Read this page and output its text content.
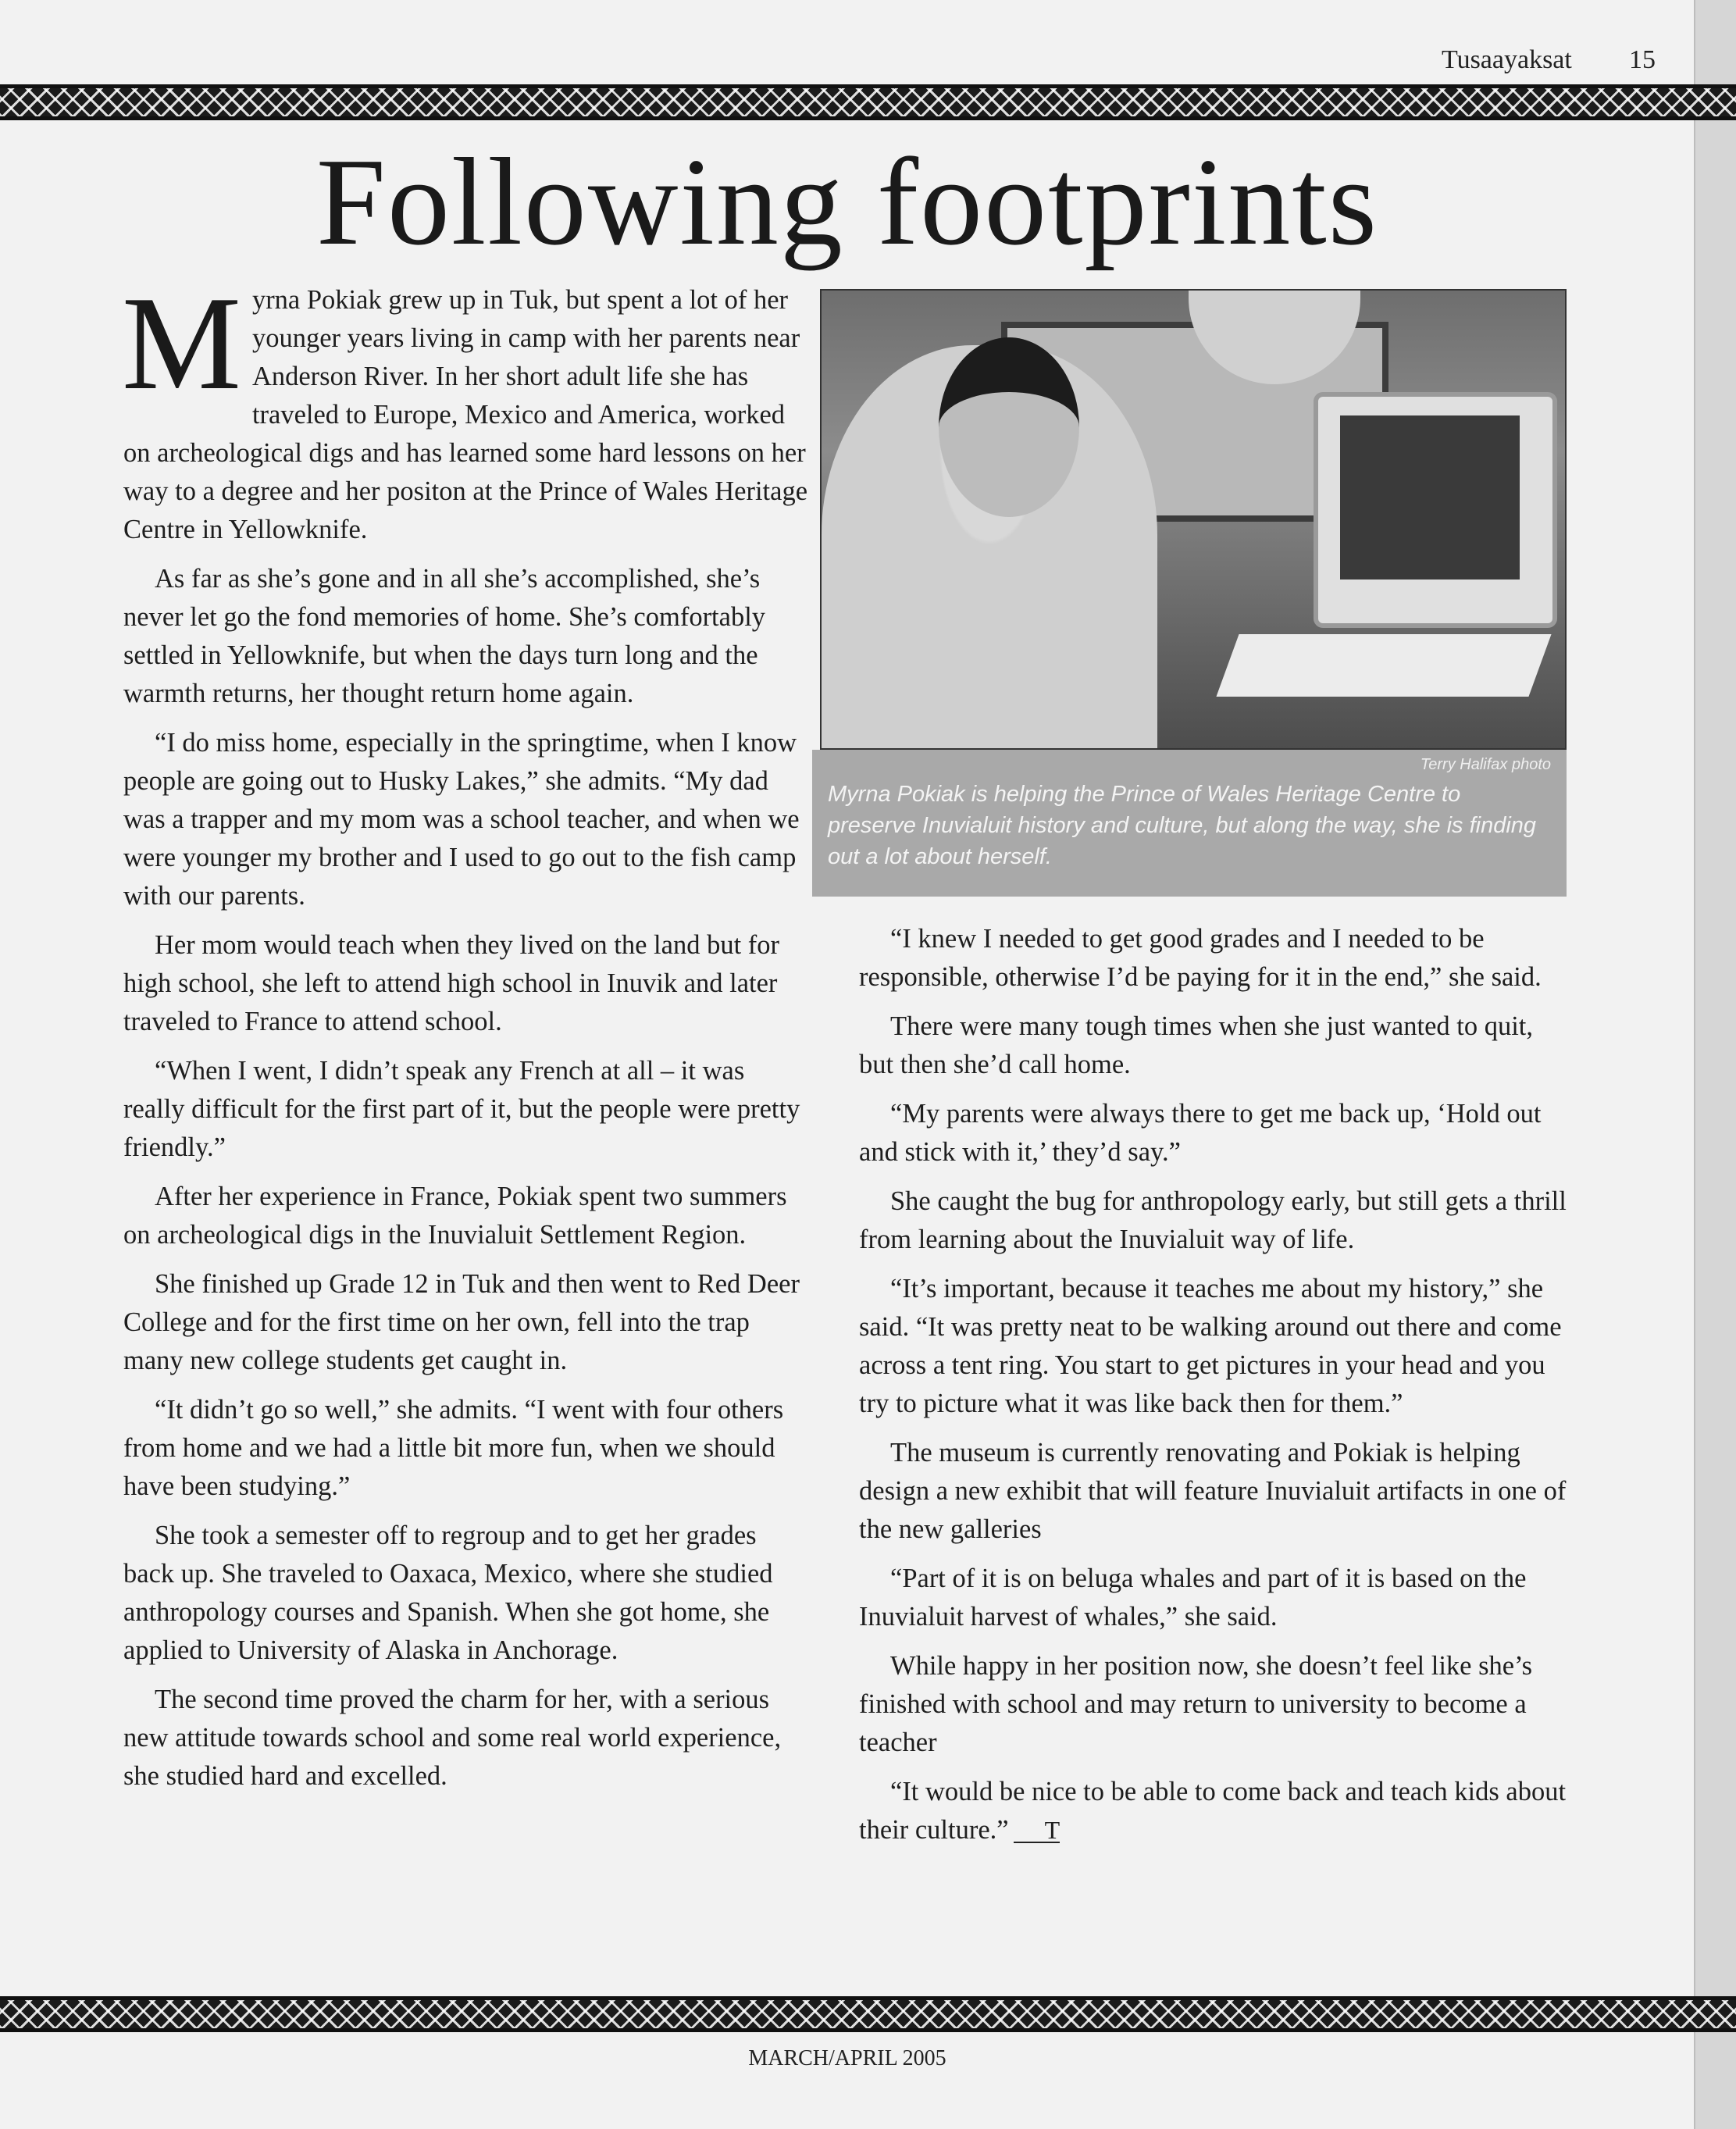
Tusaayaksat 15
Following footprints

Myrna Pokiak grew up in Tuk, but spent a lot of her younger years living in camp with her parents near Anderson River. In her short adult life she has traveled to Europe, Mexico and America, worked on archeological digs and has learned some hard lessons on her way to a degree and her positon at the Prince of Wales Heritage Centre in Yellowknife.

As far as she’s gone and in all she’s accomplished, she’s never let go the fond memories of home. She’s comfortably settled in Yellowknife, but when the days turn long and the warmth returns, her thought return home again.

“I do miss home, especially in the springtime, when I know people are going out to Husky Lakes,” she admits. “My dad was a trapper and my mom was a school teacher, and when we were younger my brother and I used to go out to the fish camp with our parents.

Her mom would teach when they lived on the land but for high school, she left to attend high school in Inuvik and later traveled to France to attend school.

“When I went, I didn’t speak any French at all – it was really difficult for the first part of it, but the people were pretty friendly.”

After her experience in France, Pokiak spent two summers on archeological digs in the Inuvialuit Settlement Region.

She finished up Grade 12 in Tuk and then went to Red Deer College and for the first time on her own, fell into the trap many new college students get caught in.

“It didn’t go so well,” she admits. “I went with four others from home and we had a little bit more fun, when we should have been studying.”

She took a semester off to regroup and to get her grades back up. She traveled to Oaxaca, Mexico, where she studied anthropology courses and Spanish. When she got home, she applied to University of Alaska in Anchorage.

The second time proved the charm for her, with a serious new attitude towards school and some real world experience, she studied hard and excelled.

Terry Halifax photo
Myrna Pokiak is helping the Prince of Wales Heritage Centre to preserve Inuvialuit history and culture, but along the way, she is finding out a lot about herself.

“I knew I needed to get good grades and I needed to be responsible, otherwise I’d be paying for it in the end,” she said.

There were many tough times when she just wanted to quit, but then she’d call home.

“My parents were always there to get me back up, ‘Hold out and stick with it,’ they’d say.”

She caught the bug for anthropology early, but still gets a thrill from learning about the Inuvialuit way of life.

“It’s important, because it teaches me about my history,” she said. “It was pretty neat to be walking around out there and come across a tent ring. You start to get pictures in your head and you try to picture what it was like back then for them.”

The museum is currently renovating and Pokiak is helping design a new exhibit that will feature Inuvialuit artifacts in one of the new galleries

“Part of it is on beluga whales and part of it is based on the Inuvialuit harvest of whales,” she said.

While happy in her position now, she doesn’t feel like she’s finished with school and may return to university to become a teacher

“It would be nice to be able to come back and teach kids about their culture.” T

MARCH/APRIL 2005
